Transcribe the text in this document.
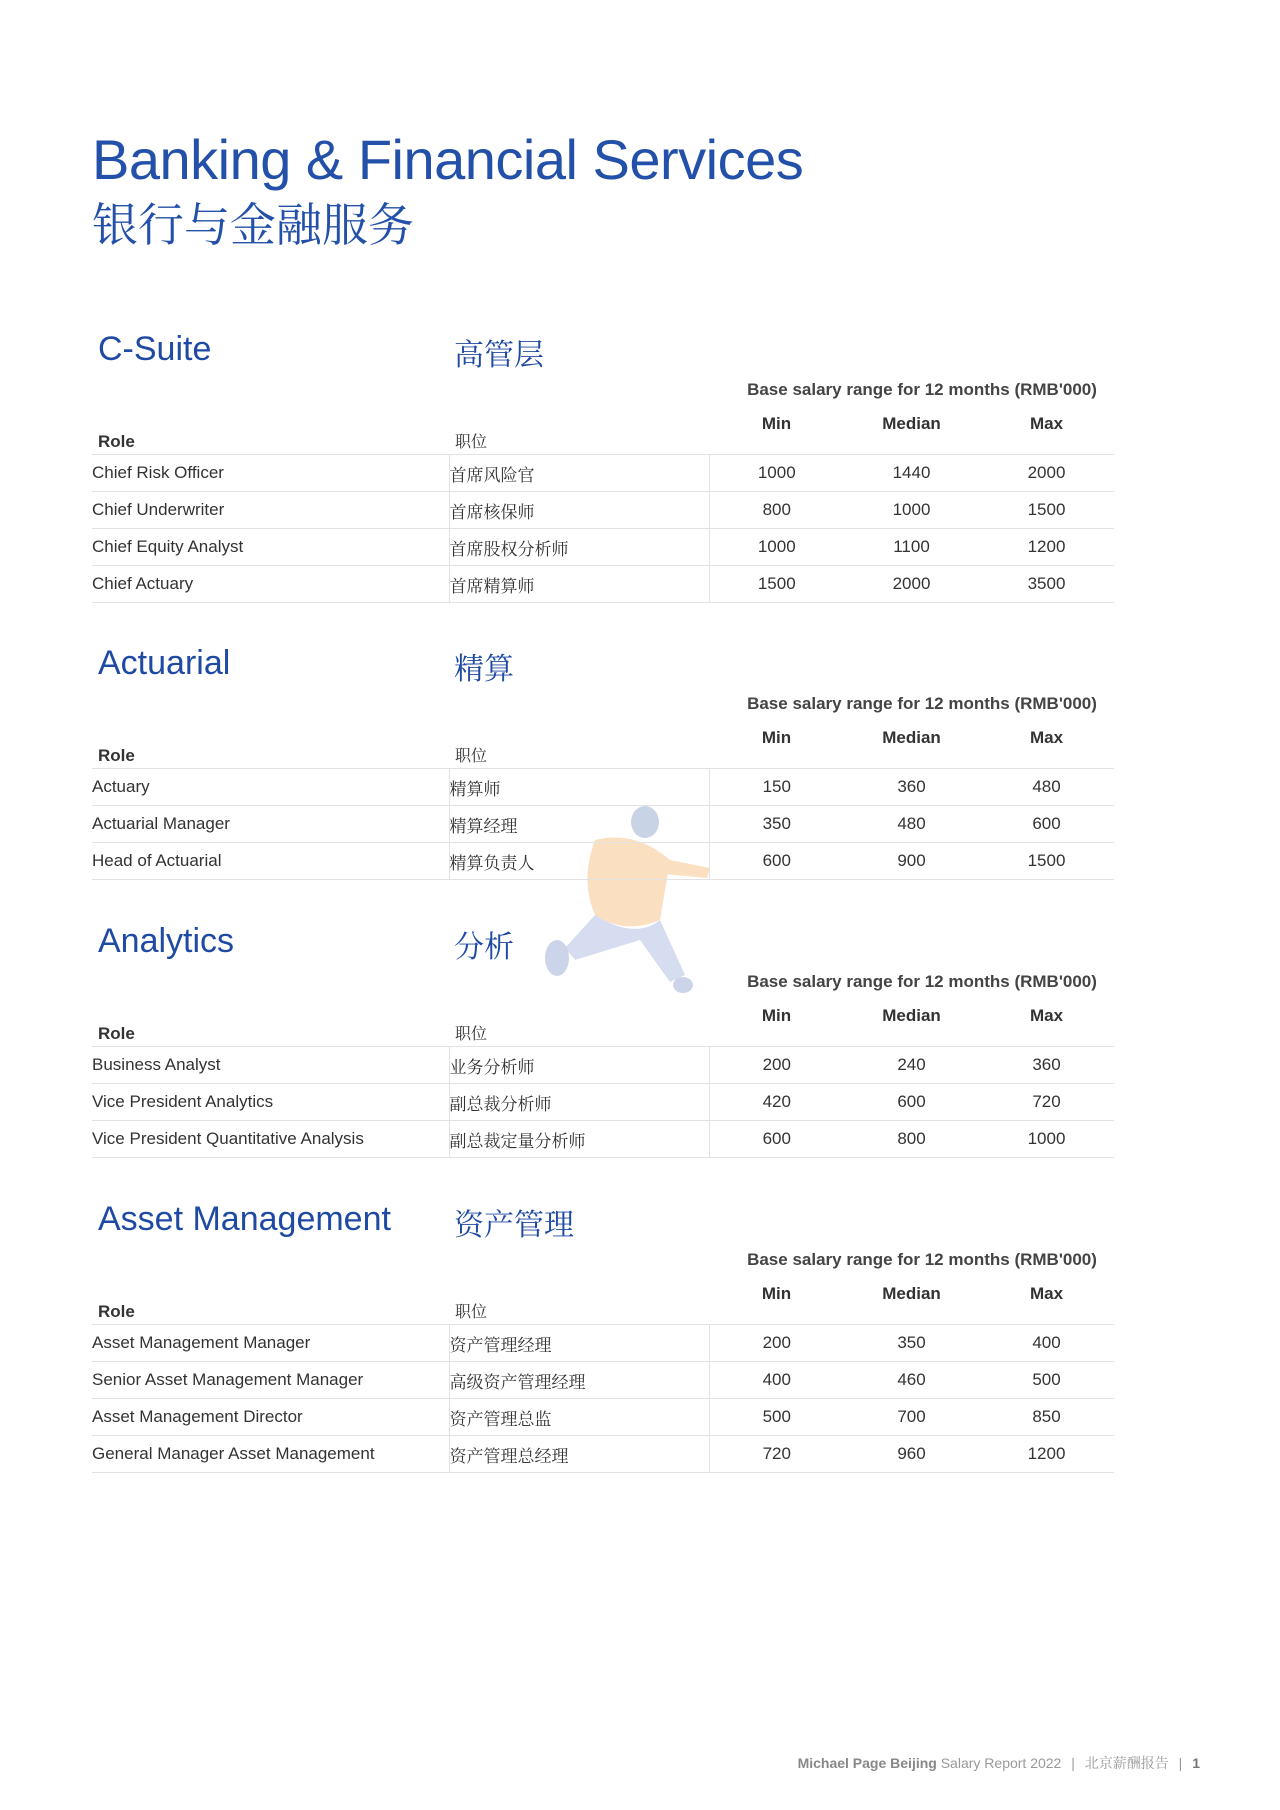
Banking & Financial Services
银行与金融服务
C-Suite	高管层
Base salary range for 12 months (RMB'000)
Role	职位	Min	Median	Max
Chief Risk Officer	首席风险官	1000	1440	2000
Chief Underwriter	首席核保师	800	1000	1500
Chief Equity Analyst	首席股权分析师	1000	1100	1200
Chief Actuary	首席精算师	1500	2000	3500
Actuarial	精算
Base salary range for 12 months (RMB'000)
Role	职位	Min	Median	Max
Actuary	精算师	150	360	480
Actuarial Manager	精算经理	350	480	600
Head of Actuarial	精算负责人	600	900	1500
Analytics	分析
Base salary range for 12 months (RMB'000)
Role	职位	Min	Median	Max
Business Analyst	业务分析师	200	240	360
Vice President Analytics	副总裁分析师	420	600	720
Vice President Quantitative Analysis	副总裁定量分析师	600	800	1000
Asset Management 资产管理
Base salary range for 12 months (RMB'000)
Role	职位	Min	Median	Max
Asset Management Manager	资产管理经理	200	350	400
Senior Asset Management Manager	高级资产管理经理	400	460	500
Asset Management Director	资产管理总监	500	700	850
General Manager Asset Management	资产管理总经理	720	960	1200
Michael Page Beijing Salary Report 2022 | 北京薪酬报告 | 1
